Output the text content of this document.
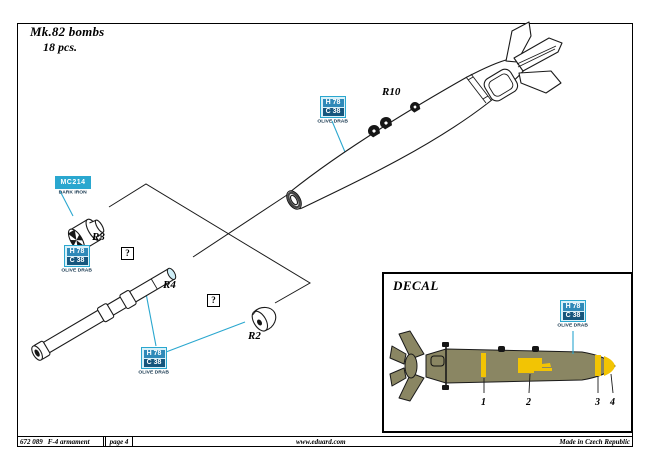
Mk.82 bombs
18 pcs.
R10
R3
R4
R2
?
?
H 78
C 38
OLIVE DRAB
MC214
DARK IRON
H 78
C 38
OLIVE DRAB
H 78
C 38
OLIVE DRAB
DECAL
1	2	3 4
H 78
C 38
OLIVE DRAB
672 089 F-4 armament	page 4	www.eduard.com	Made in Czech Republic
